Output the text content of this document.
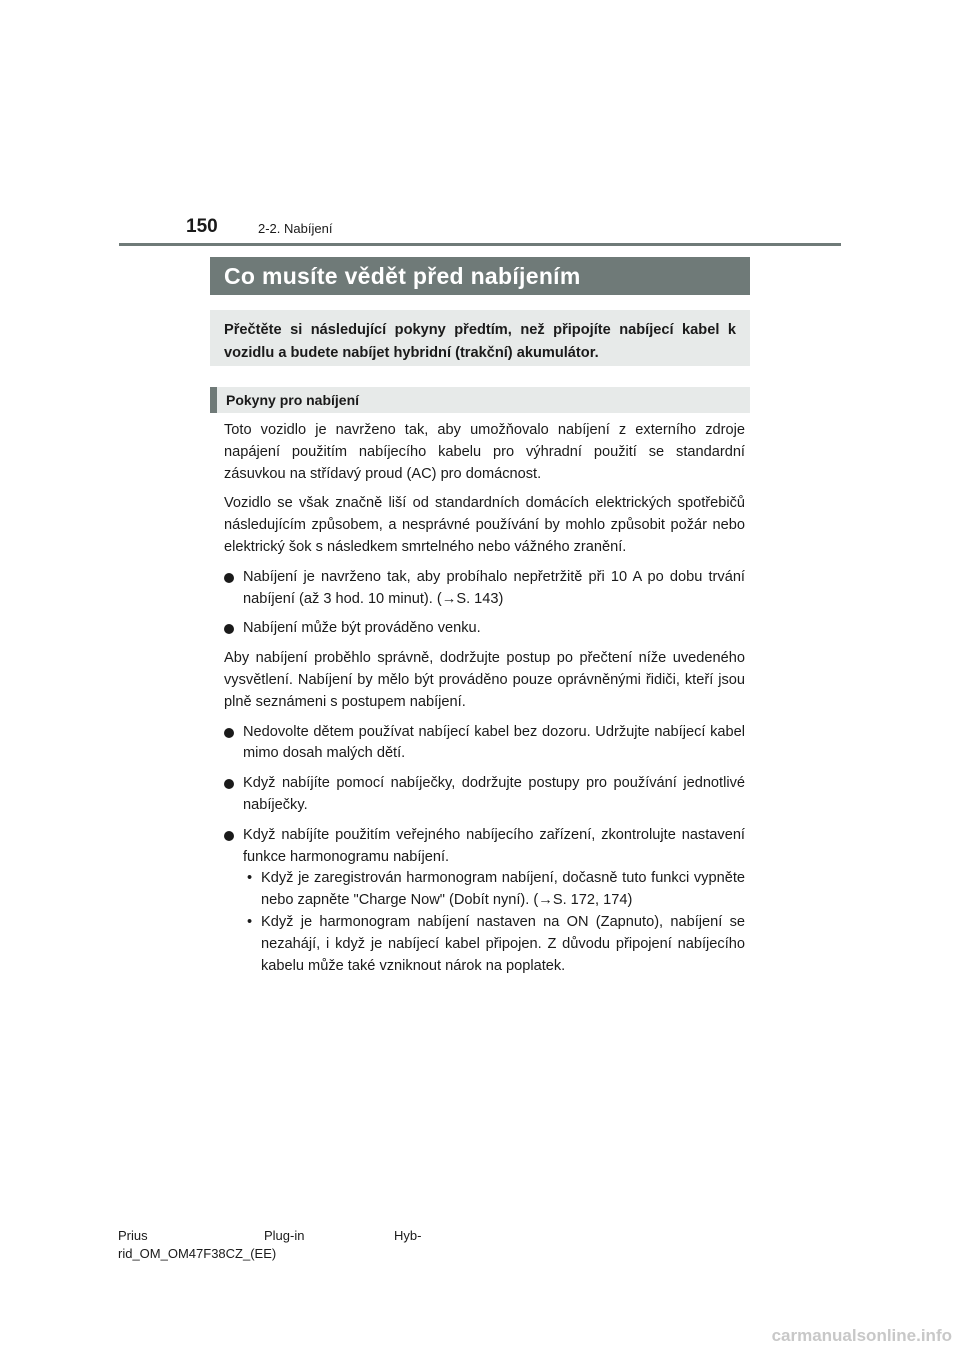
150	2-2. Nabíjení
Co musíte vědět před nabíjením
Přečtěte si následující pokyny předtím, než připojíte nabíjecí kabel k vozidlu a budete nabíjet hybridní (trakční) akumulátor.
Pokyny pro nabíjení

Toto vozidlo je navrženo tak, aby umožňovalo nabíjení z externího zdroje napájení použitím nabíjecího kabelu pro výhradní použití se standardní zásuvkou na střídavý proud (AC) pro domácnost.

Vozidlo se však značně liší od standardních domácích elektrických spotřebičů následujícím způsobem, a nesprávné používání by mohlo způsobit požár nebo elektrický šok s následkem smrtelného nebo vážného zranění.

Nabíjení je navrženo tak, aby probíhalo nepřetržitě při 10 A po dobu trvání nabíjení (až 3 hod. 10 minut). (→S. 143)
Nabíjení může být prováděno venku.

Aby nabíjení proběhlo správně, dodržujte postup po přečtení níže uvedeného vysvětlení. Nabíjení by mělo být prováděno pouze oprávněnými řidiči, kteří jsou plně seznámeni s postupem nabíjení.

Nedovolte dětem používat nabíjecí kabel bez dozoru. Udržujte nabíjecí kabel mimo dosah malých dětí.
Když nabíjíte pomocí nabíječky, dodržujte postupy pro používání jednotlivé nabíječky.
Když nabíjíte použitím veřejného nabíjecího zařízení, zkontrolujte nastavení funkce harmonogramu nabíjení.
• Když je zaregistrován harmonogram nabíjení, dočasně tuto funkci vypněte nebo zapněte "Charge Now" (Dobít nyní). (→S. 172, 174)
• Když je harmonogram nabíjení nastaven na ON (Zapnuto), nabíjení se nezahájí, i když je nabíjecí kabel připojen. Z důvodu připojení nabíjecího kabelu může také vzniknout nárok na poplatek.
Prius	Plug-in	Hyb-
rid_OM_OM47F38CZ_(EE)
carmanualsonline.info
